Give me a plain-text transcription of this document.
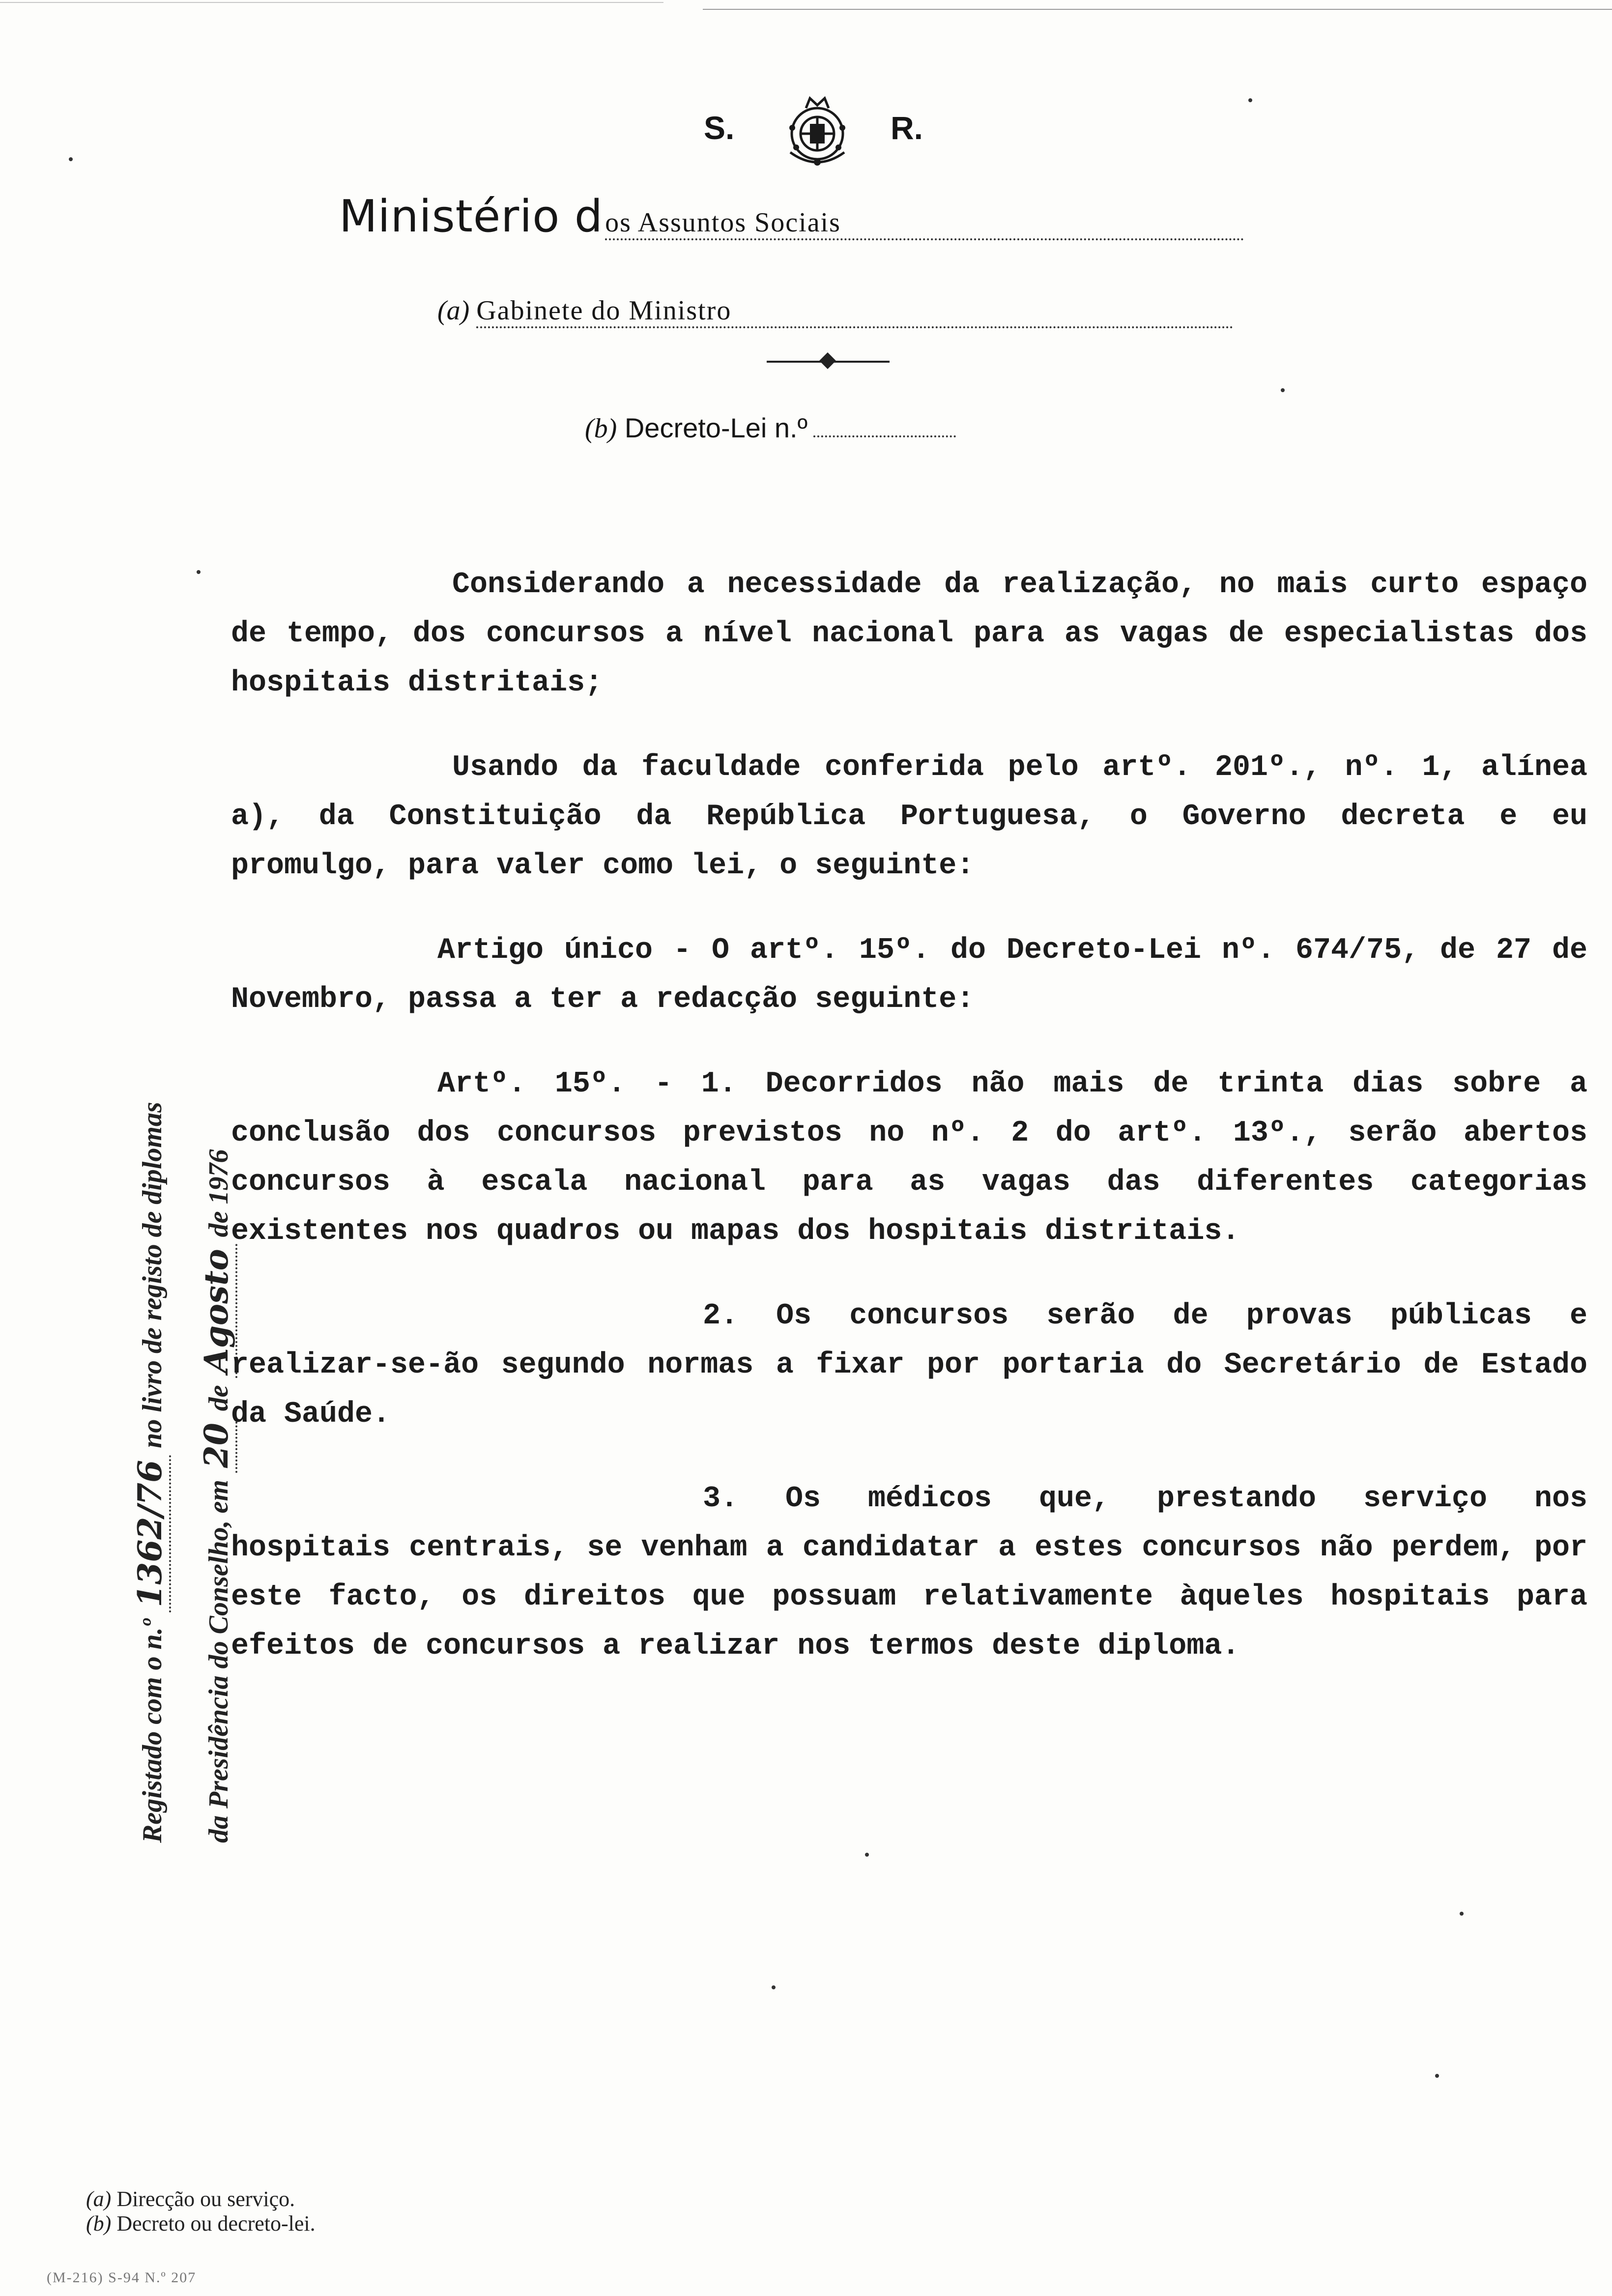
S.	R.
Ministério dos Assuntos Sociais
(a) Gabinete do Ministro
(b) Decreto-Lei n.º
Registado com o n.º 1362/76 no livro de registo de diplomas
da Presidência do Conselho, em 20 de Agosto de 1976

Considerando a necessidade da realização, no mais curto espaço de tempo, dos concursos a nível nacional para as vagas de especialistas dos hospitais distritais;

Usando da faculdade conferida pelo artº. 201º., nº. 1, alínea a), da Constituição da República Portuguesa, o Governo decreta e eu promulgo, para valer como lei, o seguinte:

Artigo único - O artº. 15º. do Decreto-Lei nº. 674/75, de 27 de Novembro, passa a ter a redacção seguinte:

Artº. 15º. - 1. Decorridos não mais de trinta dias sobre a conclusão dos concursos previstos no nº. 2 do artº. 13º., serão abertos concursos à escala nacional para as vagas das diferentes categorias existentes nos quadros ou mapas dos hospitais distritais.

2. Os concursos serão de provas públicas e realizar-se-ão segundo normas a fixar por portaria do Secretário de Estado da Saúde.

3. Os médicos que, prestando serviço nos hospitais centrais, se venham a candidatar a estes concursos não perdem, por este facto, os direitos que possuam relativamente àqueles hospitais para efeitos de concursos a realizar nos termos deste diploma.

(a) Direcção ou serviço.
(b) Decreto ou decreto-lei.
(M-216) S-94 N.º 207
